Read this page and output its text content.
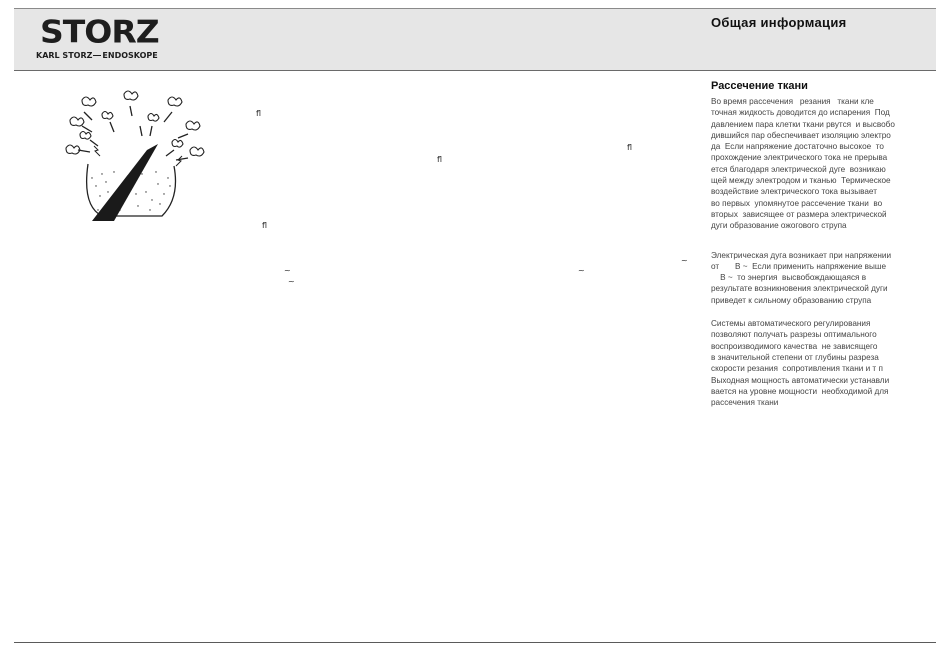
STORZ
KARL STORZ ENDOSKOPE
Общая информация
ﬂ
ﬂ
ﬂ
ﬂ
~
~	~
~
Рассечение ткани

Во время рассечения   резания   ткани кле
точная жидкость доводится до испарения  Под
давлением пара клетки ткани рвутся  и высвобо
дившийся пар обеспечивает изоляцию электро
да  Если напряжение достаточно высокое  то
прохождение электрического тока не прерыва
ется благодаря электрической дуге  возникаю
щей между электродом и тканью  Термическое
воздействие электрического тока вызывает
во первых  упомянутое рассечение ткани  во
вторых  зависящее от размера электрической
дуги образование ожогового струпа

Электрическая дуга возникает при напряжении
от       В ~  Если применить напряжение выше
В ~  то энергия  высвобождающаяся в
результате возникновения электрической дуги
приведет к сильному образованию струпа

Системы автоматического регулирования
позволяют получать разрезы оптимального
воспроизводимого качества  не зависящего
в значительной степени от глубины разреза
скорости резания  сопротивления ткани и т п
Выходная мощность автоматически устанавли
вается на уровне мощности  необходимой для
рассечения ткани
